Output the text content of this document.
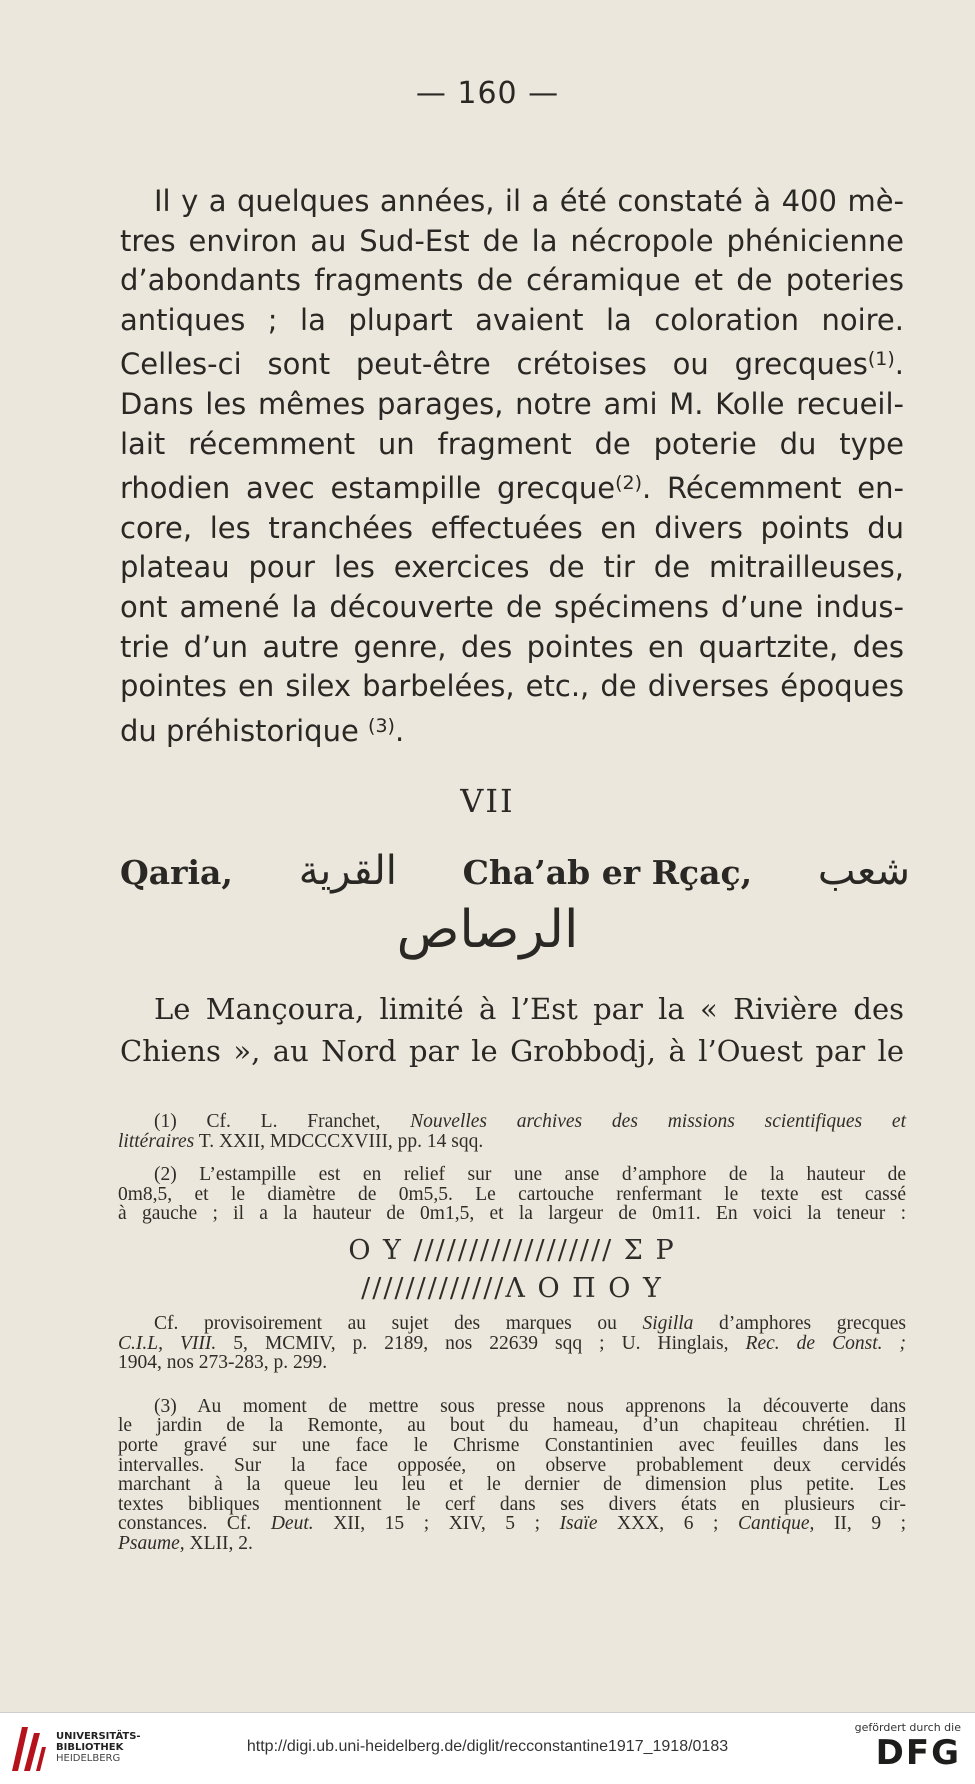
— 160 —
Il y a quelques années, il a été constaté à 400 mè-
tres environ au Sud-Est de la nécropole phénicienne
d’abondants fragments de céramique et de poteries
antiques ; la plupart avaient la coloration noire.
Celles-ci sont peut-être crétoises ou grecques$^{(1)}$.
Dans les mêmes parages, notre ami M. Kolle recueil-
lait récemment un fragment de poterie du type
rhodien avec estampille grecque$^{(2)}$. Récemment en-
core, les tranchées effectuées en divers points du
plateau pour les exercices de tir de mitrailleuses,
ont amené la découverte de spécimens d’une indus-
trie d’un autre genre, des pointes en quartzite, des
pointes en silex barbelées, etc., de diverses époques
du préhistorique $^{(3)}$.
VII
Qaria, القرية Cha’ab er Rçaç, شعب
الرصاص
Le Mançoura, limité à l’Est par la « Rivière des
Chiens », au Nord par le Grobbodj, à l’Ouest par le
(1) Cf. L. Franchet, Nouvelles archives des missions scientifiques et
littéraires T. XXII, MDCCCXVIII, pp. 14 sqq.
(2) L’estampille est en relief sur une anse d’amphore de la hauteur de
0m8,5, et le diamètre de 0m5,5. Le cartouche renfermant le texte est cassé
à gauche ; il a la hauteur de 0m1,5, et la largeur de 0m11. En voici la teneur :
Ο Υ ////////////////// Σ Ρ
/////////////Λ Ο Π Ο Υ
Cf. provisoirement au sujet des marques ou Sigilla d’amphores grecques
C.I.L, VIII. 5, MCMIV, p. 2189, nos 22639 sqq ; U. Hinglais, Rec. de Const. ;
1904, nos 273-283, p. 299.
(3) Au moment de mettre sous presse nous apprenons la découverte dans
le jardin de la Remonte, au bout du hameau, d’un chapiteau chrétien. Il
porte gravé sur une face le Chrisme Constantinien avec feuilles dans les
intervalles. Sur la face opposée, on observe probablement deux cervidés
marchant à la queue leu leu et le dernier de dimension plus petite. Les
textes bibliques mentionnent le cerf dans ses divers états en plusieurs cir-
constances. Cf. Deut. XII, 15 ; XIV, 5 ; Isaïe XXX, 6 ; Cantique, II, 9 ;
Psaume, XLII, 2.
UNIVERSITÄTS-
BIBLIOTHEK
HEIDELBERG
http://digi.ub.uni-heidelberg.de/diglit/recconstantine1917_1918/0183
gefördert durch die
DFG
